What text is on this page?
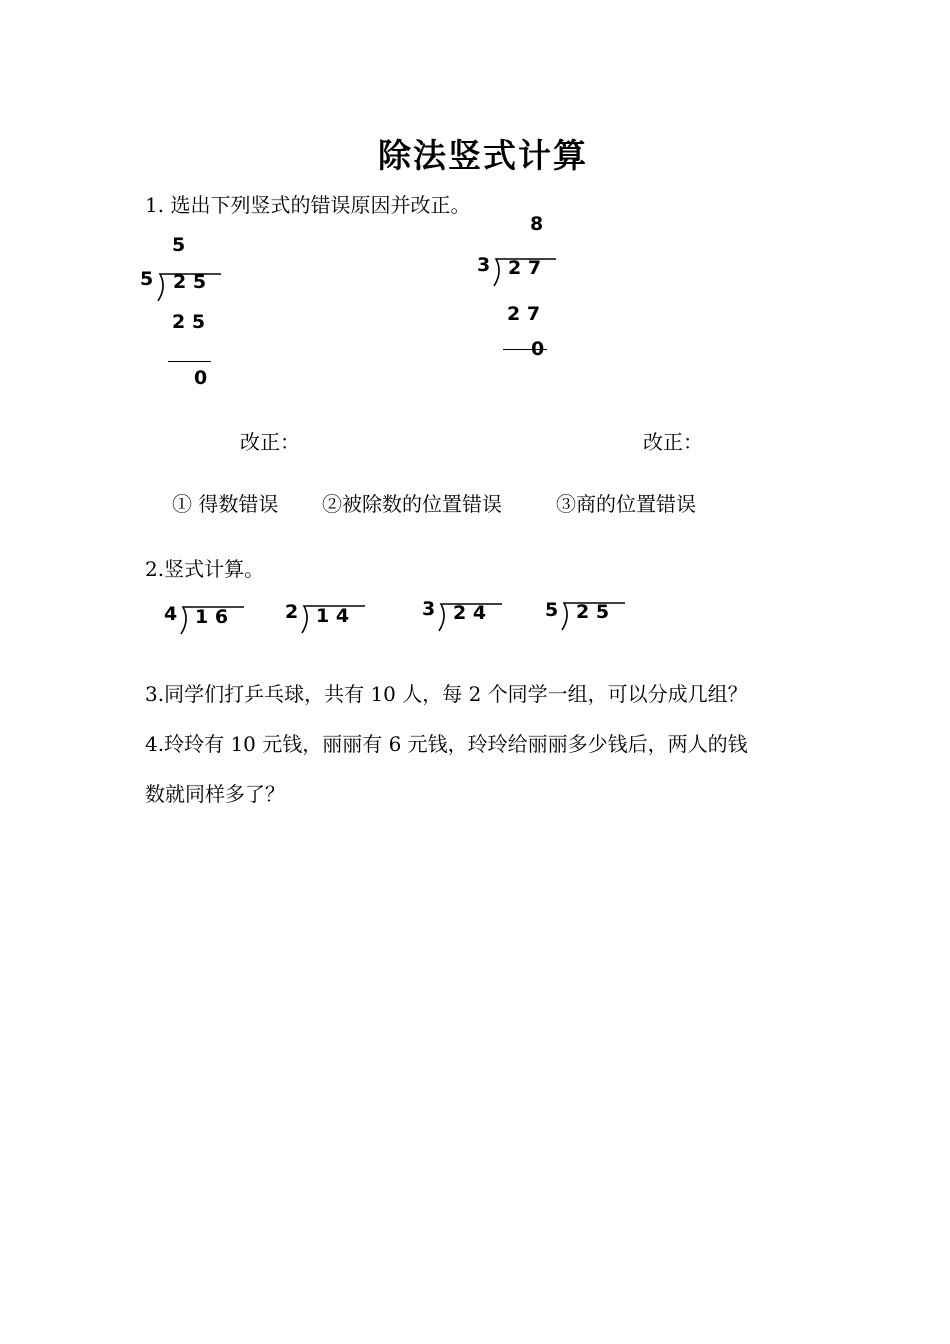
除法竖式计算
1. 选出下列竖式的错误原因并改正。
5
5 2 5
2 5
0
改正：
8
3 2 7
2 7
0
改正：
① 得数错误 ②被除数的位置错误	③商的位置错误
2.竖式计算。
4 1 6	2 1 4	3 2 4	5 2 5
3.同学们打乒乓球，共有 10 人，每 2 个同学一组，可以分成几组？
4.玲玲有 10 元钱，丽丽有 6 元钱，玲玲给丽丽多少钱后，两人的钱
数就同样多了？
